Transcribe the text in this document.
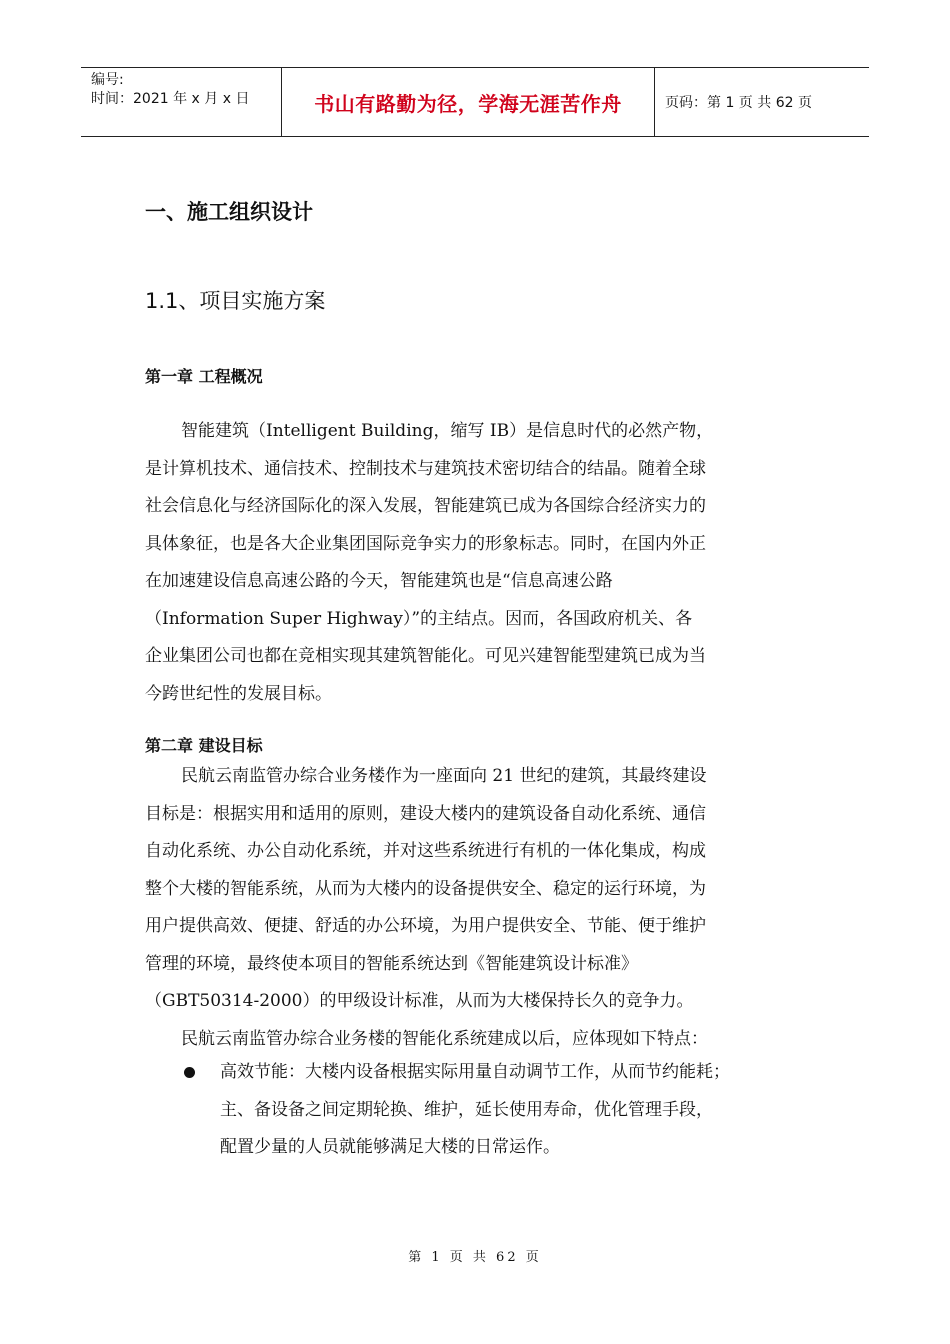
编号:
时间：2021 年 x 月 x 日	书山有路勤为径，学海无涯苦作舟	页码：第 1 页 共 62 页
一、施工组织设计
1.1、项目实施方案
第一章 工程概况
智能建筑（Intelligent Building，缩写 IB）是信息时代的必然产物，
是计算机技术、通信技术、控制技术与建筑技术密切结合的结晶。随着全球
社会信息化与经济国际化的深入发展，智能建筑已成为各国综合经济实力的
具体象征，也是各大企业集团国际竞争实力的形象标志。同时，在国内外正
在加速建设信息高速公路的今天，智能建筑也是“信息高速公路
（Information Super Highway）”的主结点。因而，各国政府机关、各
企业集团公司也都在竞相实现其建筑智能化。可见兴建智能型建筑已成为当
今跨世纪性的发展目标。
第二章 建设目标
民航云南监管办综合业务楼作为一座面向 21 世纪的建筑，其最终建设
目标是：根据实用和适用的原则，建设大楼内的建筑设备自动化系统、通信
自动化系统、办公自动化系统，并对这些系统进行有机的一体化集成，构成
整个大楼的智能系统，从而为大楼内的设备提供安全、稳定的运行环境，为
用户提供高效、便捷、舒适的办公环境，为用户提供安全、节能、便于维护
管理的环境，最终使本项目的智能系统达到《智能建筑设计标准》
（GBT50314-2000）的甲级设计标准，从而为大楼保持长久的竞争力。
民航云南监管办综合业务楼的智能化系统建成以后，应体现如下特点：
高效节能：大楼内设备根据实际用量自动调节工作，从而节约能耗；
主、备设备之间定期轮换、维护，延长使用寿命，优化管理手段，
配置少量的人员就能够满足大楼的日常运作。
第 1 页 共 62 页
